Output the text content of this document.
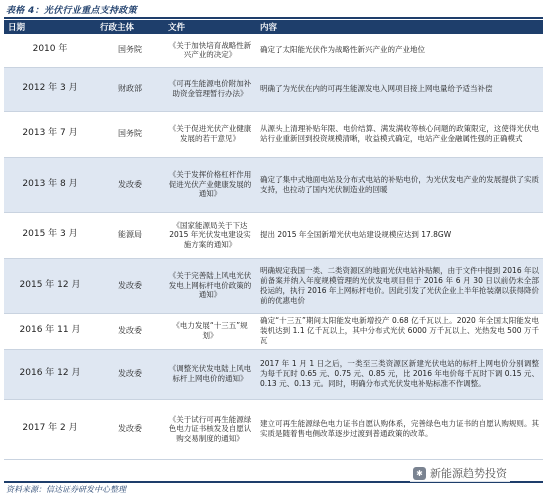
表格 4：光伏行业重点支持政策
日期	行政主体	文件	内容
2010 年	国务院	《关于加快培育战略性新兴产业的决定》	确定了太阳能光伏作为战略性新兴产业的产业地位
2012 年 3 月	财政部	《可再生能源电价附加补助资金管理暂行办法》	明确了为光伏在内的可再生能源发电入网项目接上网电量给予适当补偿
2013 年 7 月	国务院	《关于促进光伏产业健康发展的若干意见》	从源头上清理补贴年限、电价结算、满发满收等核心问题的政策限定，这使得光伏电站行业重新回到投资规模清晰，收益模式确定，电站产业金融属性强的正确模式
2013 年 8 月	发改委	《关于发挥价格杠杆作用促进光伏产业健康发展的通知》	确定了集中式地面电站及分布式电站的补贴电价，为光伏发电产业的发展提供了实质支持，也拉动了国内光伏制造业的回暖
2015 年 3 月	能源局	《国家能源局关于下达 2015 年光伏发电建设实施方案的通知》	提出 2015 年全国新增光伏电站建设规模应达到 17.8GW
2015 年 12 月	发改委	《关于完善陆上风电光伏发电上网标杆电价政策的通知》	明确规定我国一类、二类资源区的地面光伏电站补贴额，由于文件中提到 2016 年以前备案并纳入年度规模管理的光伏发电项目但于 2016 年 6 月 30 日以前仍未全部投运的，执行 2016 年上网标杆电价。因此引发了光伏企业上半年抢装潮以获得降价前的优惠电价
2016 年 11 月	发改委	《电力发展“十三五”规划》	确定“十三五”期间太阳能发电新增投产 0.68 亿千瓦以上。2020 年全国太阳能发电装机达到 1.1 亿千瓦以上，其中分布式光伏 6000 万千瓦以上、光热发电 500 万千瓦
2016 年 12 月	发改委	《调整光伏发电陆上风电标杆上网电价的通知》	2017 年 1 月 1 日之后，一类至三类资源区新建光伏电站的标杆上网电价分别调整为每千瓦时 0.65 元、0.75 元、0.85 元，比 2016 年电价每千瓦时下调 0.15 元、0.13 元、0.13 元。同时，明确分布式光伏发电补贴标准不作调整。
2017 年 2 月	发改委	《关于试行可再生能源绿色电力证书核发及自愿认购交易制度的通知》	建立可再生能源绿色电力证书自愿认购体系，完善绿色电力证书的自愿认购规则。其实质是随着售电侧改革逐步过渡到普通政策的改革。
资料来源：信达证券研发中心整理
✱ 新能源趋势投资
